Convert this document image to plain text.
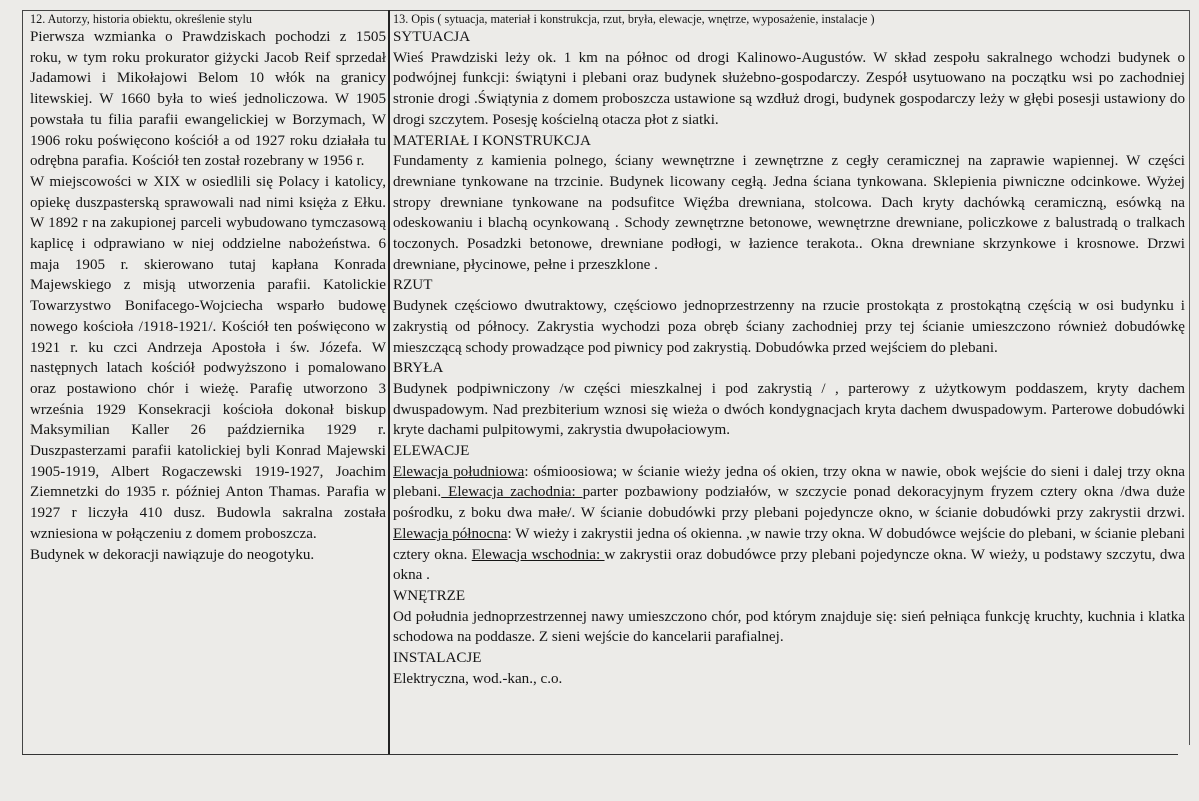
12. Autorzy, historia obiektu, określenie stylu

Pierwsza wzmianka o Prawdziskach pochodzi z 1505 roku, w tym roku prokurator giżycki Jacob Reif sprzedał Jadamowi i Mikołajowi Belom 10 włók na granicy litewskiej. W 1660 była to wieś jednoliczowa. W 1905 powstała tu filia parafii ewangelickiej w Borzymach, W 1906 roku poświęcono kościół a od 1927 roku działała tu odrębna parafia. Kościół ten został rozebrany w 1956 r.

W miejscowości w XIX w osiedlili się Polacy i katolicy, opiekę duszpasterską sprawowali nad nimi księża z Ełku. W 1892 r na zakupionej parceli wybudowano tymczasową kaplicę i odprawiano w niej oddzielne nabożeństwa. 6 maja 1905 r. skierowano tutaj kapłana Konrada Majewskiego z misją utworzenia parafii. Katolickie Towarzystwo Bonifacego-Wojciecha wsparło budowę nowego kościoła /1918-1921/. Kościół ten poświęcono w 1921 r. ku czci Andrzeja Apostoła i św. Józefa. W następnych latach kościół podwyższono i pomalowano oraz postawiono chór i wieżę. Parafię utworzono 3 września 1929 Konsekracji kościoła dokonał biskup Maksymilian Kaller 26 października 1929 r. Duszpasterzami parafii katolickiej byli Konrad Majewski 1905-1919, Albert Rogaczewski 1919-1927, Joachim Ziemnetzki do 1935 r. później Anton Thamas. Parafia w 1927 r liczyła 410 dusz. Budowla sakralna została wzniesiona w połączeniu z domem proboszcza.

Budynek w dekoracji nawiązuje do neogotyku.

13. Opis ( sytuacja, materiał i konstrukcja, rzut, bryła, elewacje, wnętrze, wyposażenie, instalacje )
SYTUACJA

Wieś Prawdziski leży ok. 1 km na północ od drogi Kalinowo-Augustów. W skład zespołu sakralnego wchodzi budynek o podwójnej funkcji: świątyni i plebani oraz budynek służebno-gospodarczy. Zespół usytuowano na początku wsi po zachodniej stronie drogi .Świątynia z domem proboszcza ustawione są wzdłuż drogi, budynek gospodarczy leży w głębi posesji ustawiony do drogi szczytem. Posesję kościelną otacza płot z siatki.

MATERIAŁ I KONSTRUKCJA

Fundamenty z kamienia polnego, ściany wewnętrzne i zewnętrzne z cegły ceramicznej na zaprawie wapiennej. W części drewniane tynkowane na trzcinie. Budynek licowany cegłą. Jedna ściana tynkowana. Sklepienia piwniczne odcinkowe. Wyżej stropy drewniane tynkowane na podsufitce Więźba drewniana, stolcowa. Dach kryty dachówką ceramiczną, esówką na odeskowaniu i blachą ocynkowaną . Schody zewnętrzne betonowe, wewnętrzne drewniane, policzkowe z balustradą o tralkach toczonych. Posadzki betonowe, drewniane podłogi, w łazience terakota.. Okna drewniane skrzynkowe i krosnowe. Drzwi drewniane, płycinowe, pełne i przeszklone .

RZUT

Budynek częściowo dwutraktowy, częściowo jednoprzestrzenny na rzucie prostokąta z prostokątną częścią w osi budynku i zakrystią od północy. Zakrystia wychodzi poza obręb ściany zachodniej przy tej ścianie umieszczono również dobudówkę mieszczącą schody prowadzące pod piwnicy pod zakrystią. Dobudówka przed wejściem do plebani.

BRYŁA

Budynek podpiwniczony /w części mieszkalnej i pod zakrystią / , parterowy z użytkowym poddaszem, kryty dachem dwuspadowym. Nad prezbiterium wznosi się wieża o dwóch kondygnacjach kryta dachem dwuspadowym. Parterowe dobudówki kryte dachami pulpitowymi, zakrystia dwupołaciowym.

ELEWACJE

Elewacja południowa: ośmioosiowa; w ścianie wieży jedna oś okien, trzy okna w nawie, obok wejście do sieni i dalej trzy okna plebani. Elewacja zachodnia: parter pozbawiony podziałów, w szczycie ponad dekoracyjnym fryzem cztery okna /dwa duże pośrodku, z boku dwa małe/. W ścianie dobudówki przy plebani pojedyncze okno, w ścianie dobudówki przy zakrystii drzwi. Elewacja północna: W wieży i zakrystii jedna oś okienna. ,w nawie trzy okna. W dobudówce wejście do plebani, w ścianie plebani cztery okna. Elewacja wschodnia: w zakrystii oraz dobudówce przy plebani pojedyncze okna. W wieży, u podstawy szczytu, dwa okna .

WNĘTRZE

Od południa jednoprzestrzennej nawy umieszczono chór, pod którym znajduje się: sień pełniąca funkcję kruchty, kuchnia i klatka schodowa na poddasze. Z sieni wejście do kancelarii parafialnej.

INSTALACJE

Elektryczna, wod.-kan., c.o.
